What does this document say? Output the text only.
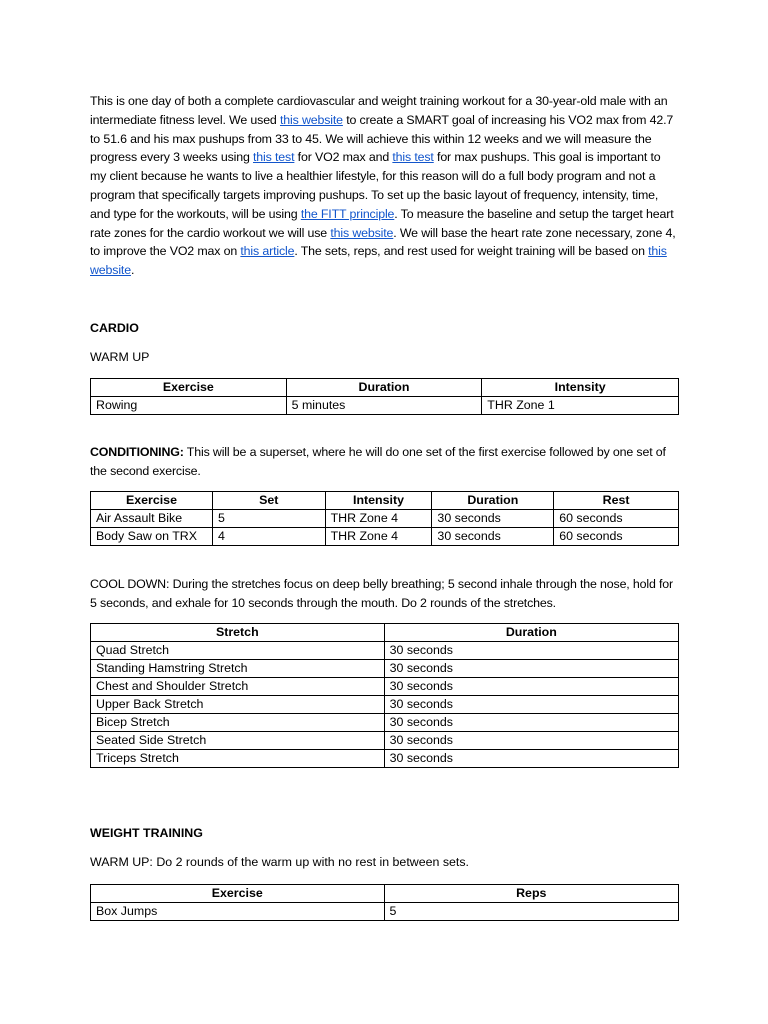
This is one day of both a complete cardiovascular and weight training workout for a 30-year-old male with an intermediate fitness level. We used this website to create a SMART goal of increasing his VO2 max from 42.7 to 51.6 and his max pushups from 33 to 45. We will achieve this within 12 weeks and we will measure the progress every 3 weeks using this test for VO2 max and this test for max pushups. This goal is important to my client because he wants to live a healthier lifestyle, for this reason will do a full body program and not a program that specifically targets improving pushups. To set up the basic layout of frequency, intensity, time, and type for the workouts, will be using the FITT principle. To measure the baseline and setup the target heart rate zones for the cardio workout we will use this website. We will base the heart rate zone necessary, zone 4, to improve the VO2 max on this article. The sets, reps, and rest used for weight training will be based on this website.

CARDIO

WARM UP

Exercise	Duration	Intensity
Rowing	5 minutes	THR Zone 1

CONDITIONING: This will be a superset, where he will do one set of the first exercise followed by one set of the second exercise.

Exercise	Set	Intensity	Duration	Rest
Air Assault Bike	5	THR Zone 4	30 seconds	60 seconds
Body Saw on TRX	4	THR Zone 4	30 seconds	60 seconds

COOL DOWN: During the stretches focus on deep belly breathing; 5 second inhale through the nose, hold for 5 seconds, and exhale for 10 seconds through the mouth. Do 2 rounds of the stretches.

Stretch	Duration
Quad Stretch	30 seconds
Standing Hamstring Stretch	30 seconds
Chest and Shoulder Stretch	30 seconds
Upper Back Stretch	30 seconds
Bicep Stretch	30 seconds
Seated Side Stretch	30 seconds
Triceps Stretch	30 seconds

WEIGHT TRAINING

WARM UP: Do 2 rounds of the warm up with no rest in between sets.

Exercise	Reps
Box Jumps	5
